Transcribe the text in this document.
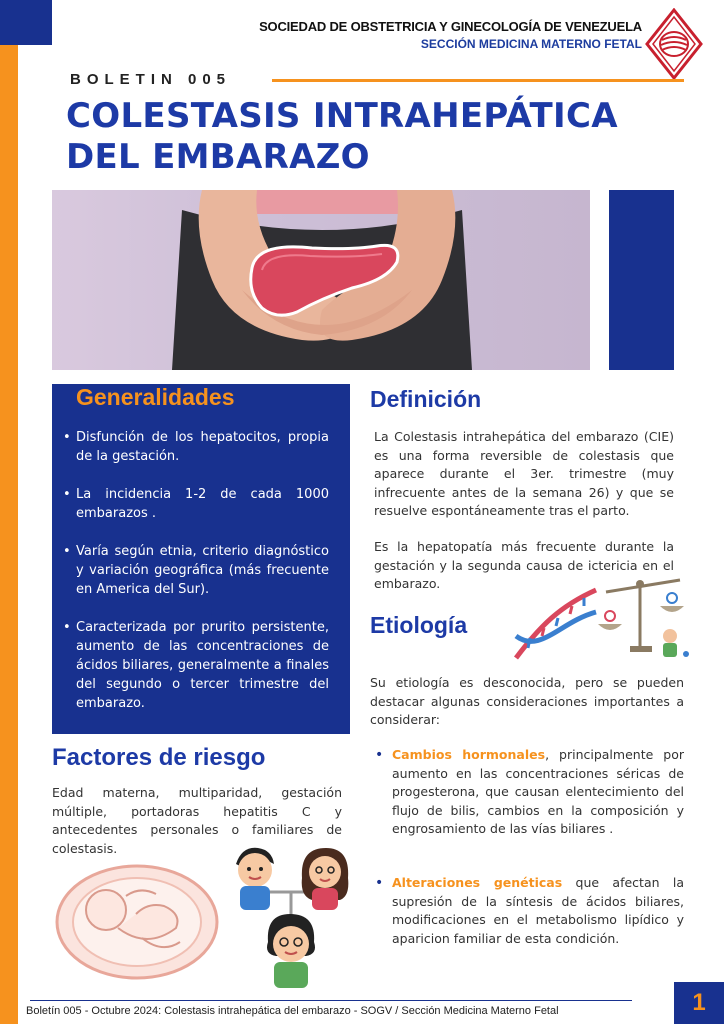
SOCIEDAD DE OBSTETRICIA Y GINECOLOGÍA DE VENEZUELA
SECCIÓN MEDICINA MATERNO FETAL
BOLETIN 005
COLESTASIS INTRAHEPÁTICA
DEL EMBARAZO
Generalidades
• Disfunción de los hepatocitos, propia de la gestación.
• La incidencia 1-2 de cada 1000 embarazos .
• Varía según etnia, criterio diagnóstico y variación geográfica (más frecuente en America del Sur).
• Caracterizada por prurito persistente, aumento de las concentraciones de ácidos biliares, generalmente a finales del segundo o tercer trimestre del embarazo.
Definición

La Colestasis intrahepática del embarazo (CIE) es una forma reversible de colestasis que aparece durante el 3er. trimestre (muy infrecuente antes de la semana 26) y que se resuelve espontáneamente tras el parto.

Es la hepatopatía más frecuente durante la gestación y la segunda causa de ictericia en el embarazo.

Etiología

Su etiología es desconocida, pero se pueden destacar algunas consideraciones importantes a considerar:

• Cambios hormonales, principalmente por aumento en las concentraciones séricas de progesterona, que causan elentecimiento del flujo de bilis, cambios en la composición y engrosamiento de las vías biliares .
• Alteraciones genéticas que afectan la supresión de la síntesis de ácidos biliares, modificaciones en el metabolismo lipídico y aparicion familiar de esta condición.
Factores de riesgo

Edad materna, multiparidad, gestación múltiple, portadoras hepatitis C y antecedentes personales o familiares de colestasis.

Boletín 005 - Octubre 2024: Colestasis intrahepática del embarazo - SOGV / Sección Medicina Materno Fetal	1
